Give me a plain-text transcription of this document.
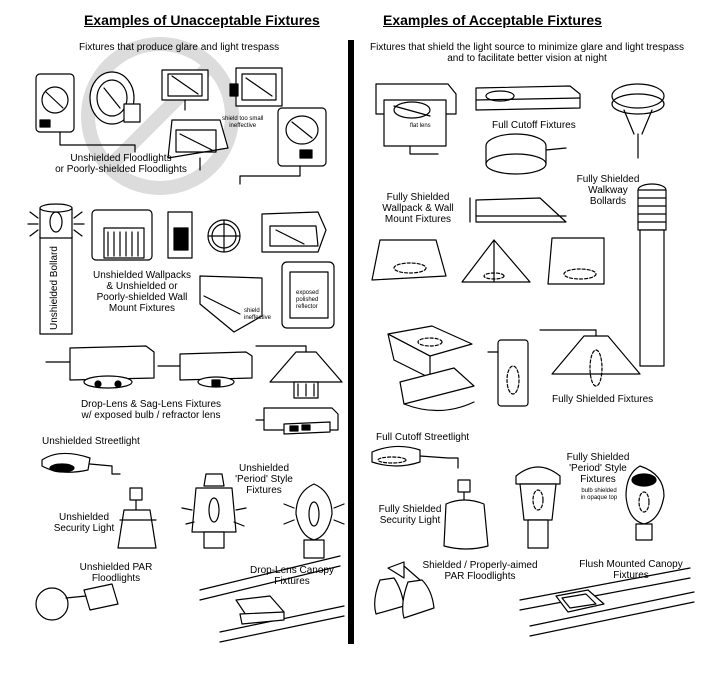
Examples of Unacceptable Fixtures	Examples of Acceptable Fixtures
Fixtures that produce glare and light trespass	Fixtures that shield the light source to minimize glare and light trespass
and to facilitate better vision at night
Unshielded Floodlights
or Poorly-shielded Floodlights
shield too small
ineffective
Unshielded Bollard	Unshielded Wallpacks
& Unshielded or
Poorly-shielded Wall
Mount Fixtures
exposed
polished
reflector
shield
ineffective
Drop-Lens & Sag-Lens Fixtures
w/ exposed bulb / refractor lens
Unshielded Streetlight
Unshielded
'Period' Style
Fixtures
Unshielded
Security Light
Unshielded PAR
Floodlights
Drop-Lens Canopy
Fixtures
flat lens	Full Cutoff Fixtures
Fully Shielded
Walkway
Bollards
Fully Shielded
Wallpack & Wall
Mount Fixtures
Fully Shielded Fixtures
Full Cutoff Streetlight
Fully Shielded
'Period' Style
Fixtures
bulb shielded
in opaque top
Fully Shielded
Security Light
Shielded / Properly-aimed
PAR Floodlights
Flush Mounted Canopy
Fixtures
